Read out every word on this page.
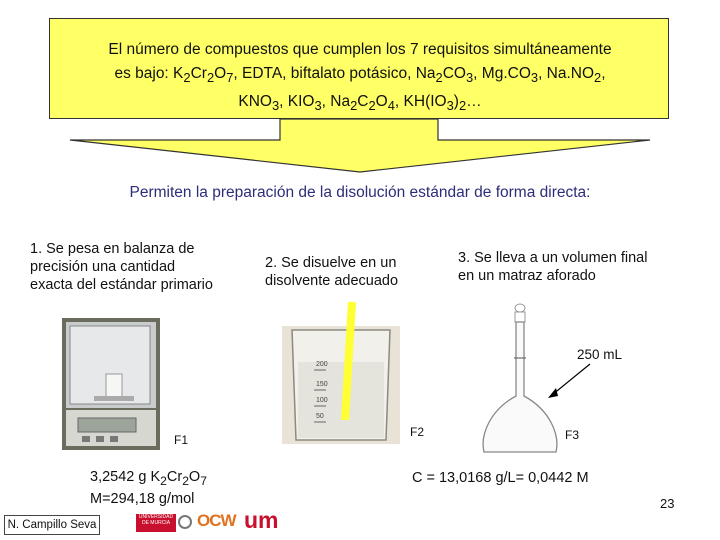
El número de compuestos que cumplen los 7 requisitos simultáneamente
es bajo: $K_2Cr_2O_7$, EDTA, biftalato potásico, $Na_2CO_3$, $Mg.CO_3$, $Na.NO_2$,
$KNO_3$, $KIO_3$, $Na_2C_2O_4$, $KH(IO_3)_2\dots$
Permiten la preparación de la disolución estándar de forma directa:
1. Se pesa en balanza de
precisión una cantidad
exacta del estándar primario
2. Se disuelve en un
disolvente adecuado
3. Se lleva a un volumen final
en un matraz aforado
F1
200
150
100
50
F2
250 mL
F3
3,2542 g $K_2Cr_2O_7$
M=294,18 g/mol
C = 13,0168 g/L= 0,0442 M
N. Campillo Seva
UNIVERSIDAD DE MURCIA	OCW um
23
